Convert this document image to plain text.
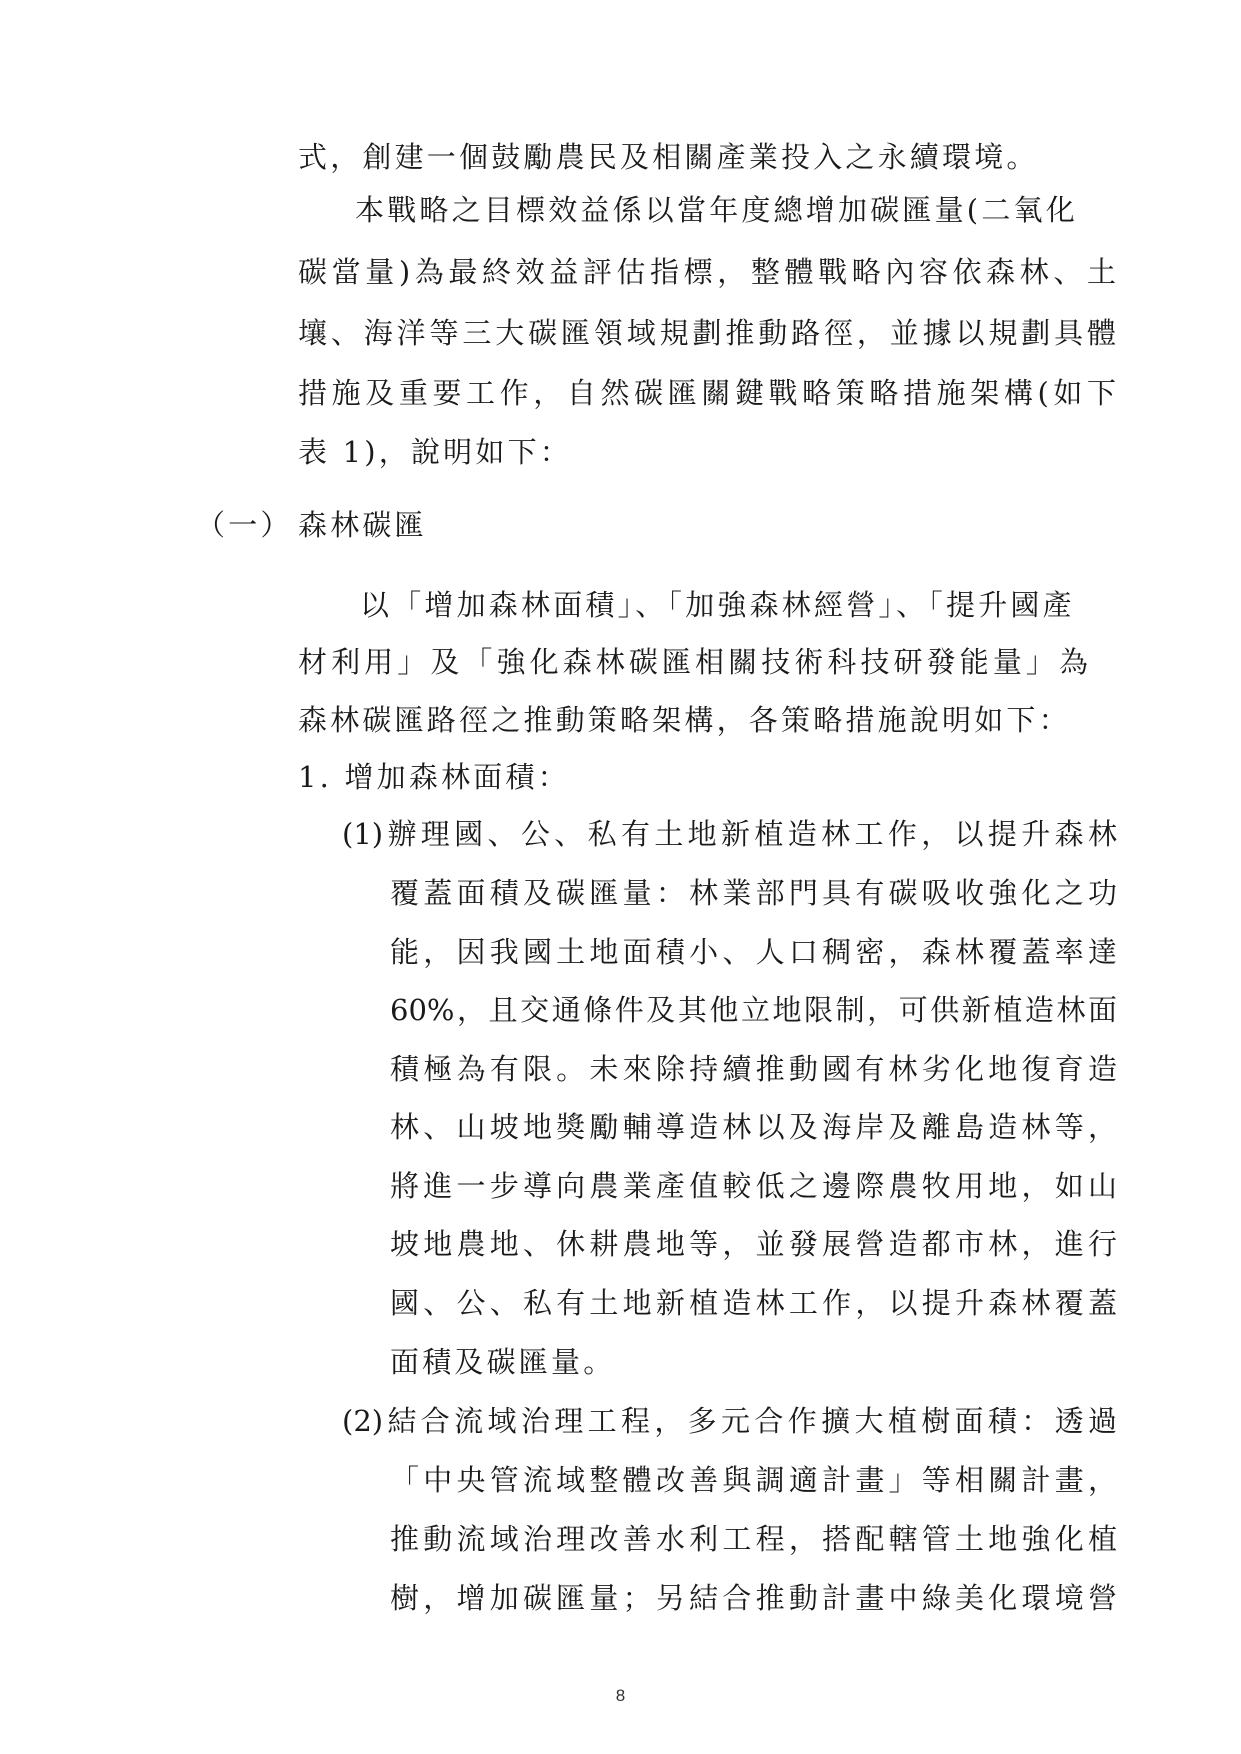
式，創建一個鼓勵農民及相關產業投入之永續環境。
本戰略之目標效益係以當年度總增加碳匯量(二氧化
碳當量)為最終效益評估指標，整體戰略內容依森林、土
壤、海洋等三大碳匯領域規劃推動路徑，並據以規劃具體
措施及重要工作，自然碳匯關鍵戰略策略措施架構(如下
表 1)，說明如下：
（一） 森林碳匯
以「增加森林面積」、「加強森林經營」、「提升國產
材利用」及「強化森林碳匯相關技術科技研發能量」為
森林碳匯路徑之推動策略架構，各策略措施說明如下：
1. 增加森林面積：
(1)辦理國、公、私有土地新植造林工作，以提升森林
覆蓋面積及碳匯量：林業部門具有碳吸收強化之功
能，因我國土地面積小、人口稠密，森林覆蓋率達
60%，且交通條件及其他立地限制，可供新植造林面
積極為有限。未來除持續推動國有林劣化地復育造
林、山坡地獎勵輔導造林以及海岸及離島造林等，
將進一步導向農業產值較低之邊際農牧用地，如山
坡地農地、休耕農地等，並發展營造都市林，進行
國、公、私有土地新植造林工作，以提升森林覆蓋
面積及碳匯量。
(2)結合流域治理工程，多元合作擴大植樹面積：透過
「中央管流域整體改善與調適計畫」等相關計畫，
推動流域治理改善水利工程，搭配轄管土地強化植
樹，增加碳匯量；另結合推動計畫中綠美化環境營
8
